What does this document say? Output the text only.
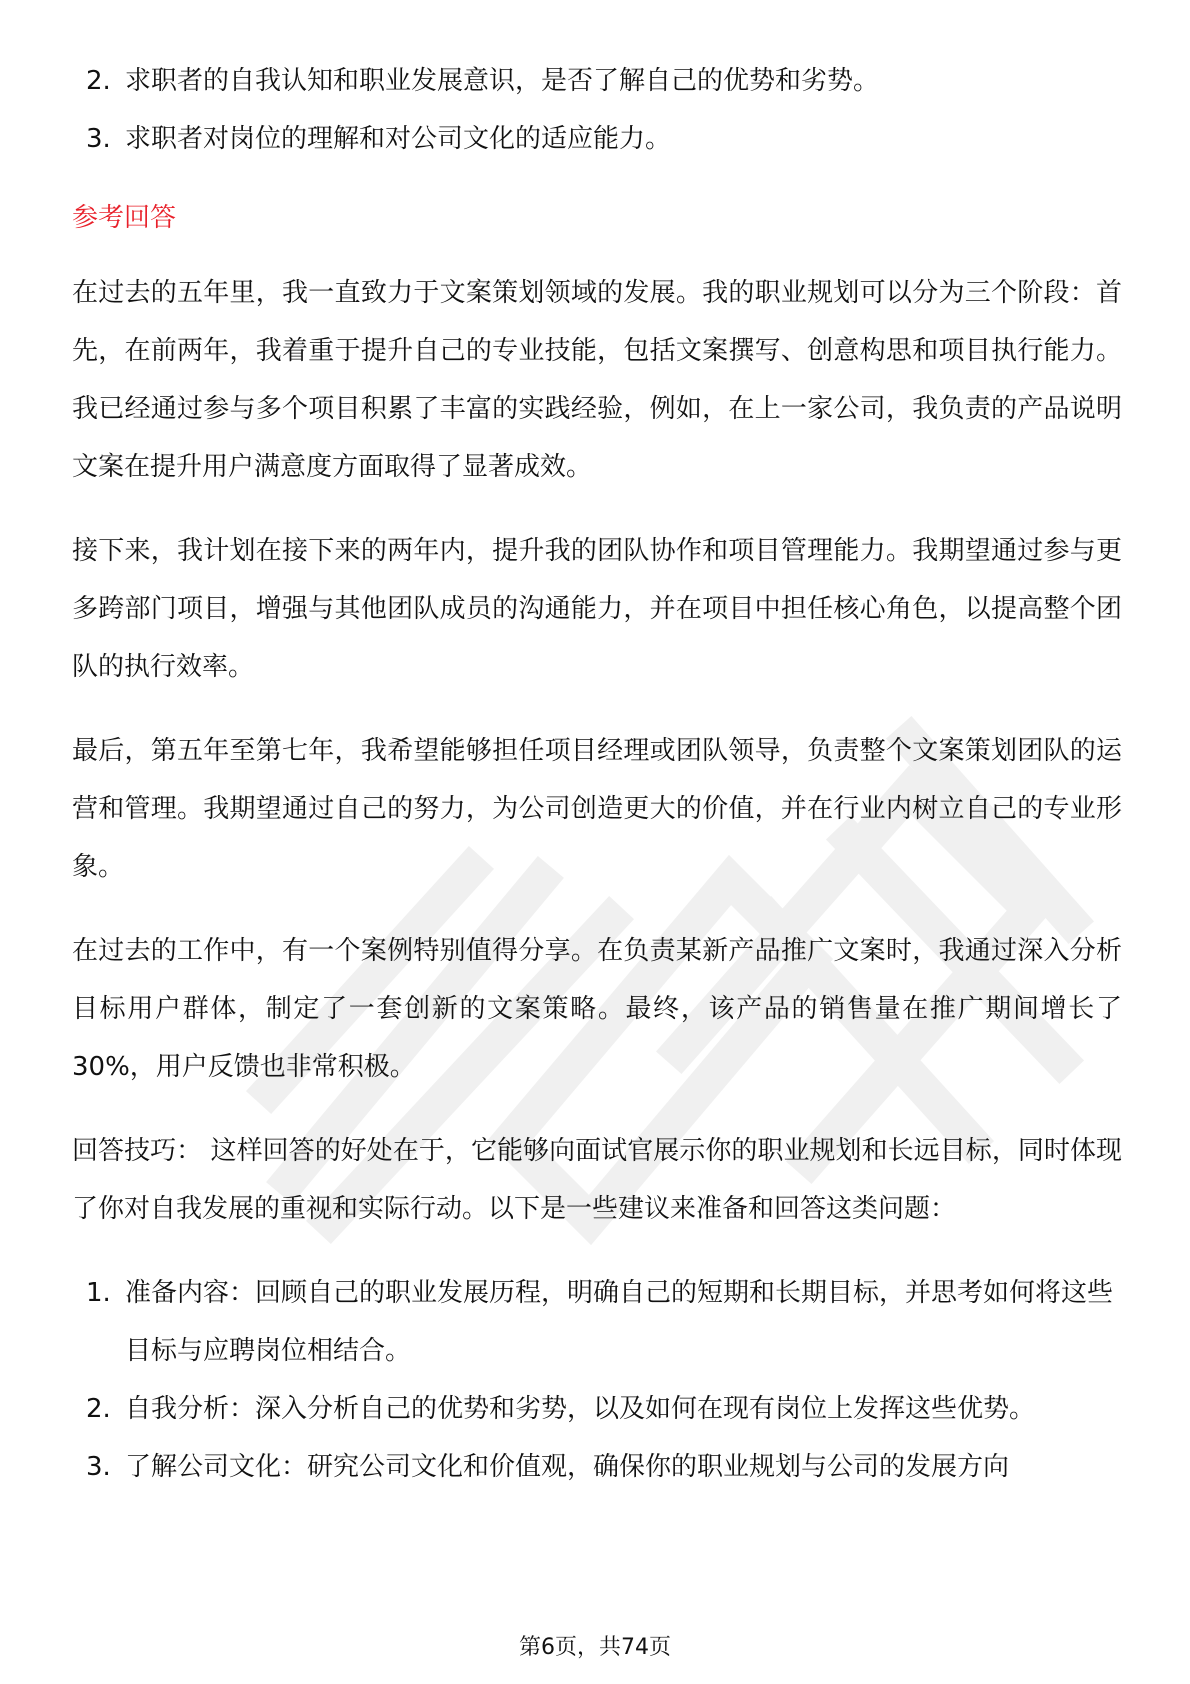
2. 求职者的自我认知和职业发展意识，是否了解自己的优势和劣势。
3. 求职者对岗位的理解和对公司文化的适应能力。
参考回答

在过去的五年里，我一直致力于文案策划领域的发展。我的职业规划可以分为三个阶段：首先，在前两年，我着重于提升自己的专业技能，包括文案撰写、创意构思和项目执行能力。我已经通过参与多个项目积累了丰富的实践经验，例如，在上一家公司，我负责的产品说明文案在提升用户满意度方面取得了显著成效。

接下来，我计划在接下来的两年内，提升我的团队协作和项目管理能力。我期望通过参与更多跨部门项目，增强与其他团队成员的沟通能力，并在项目中担任核心角色，以提高整个团队的执行效率。

最后，第五年至第七年，我希望能够担任项目经理或团队领导，负责整个文案策划团队的运营和管理。我期望通过自己的努力，为公司创造更大的价值，并在行业内树立自己的专业形象。

在过去的工作中，有一个案例特别值得分享。在负责某新产品推广文案时，我通过深入分析目标用户群体，制定了一套创新的文案策略。最终，该产品的销售量在推广期间增长了30%，用户反馈也非常积极。

回答技巧： 这样回答的好处在于，它能够向面试官展示你的职业规划和长远目标，同时体现了你对自我发展的重视和实际行动。以下是一些建议来准备和回答这类问题：

1. 准备内容：回顾自己的职业发展历程，明确自己的短期和长期目标，并思考如何将这些目标与应聘岗位相结合。
2. 自我分析：深入分析自己的优势和劣势，以及如何在现有岗位上发挥这些优势。
3. 了解公司文化：研究公司文化和价值观，确保你的职业规划与公司的发展方向
第6页，共74页
